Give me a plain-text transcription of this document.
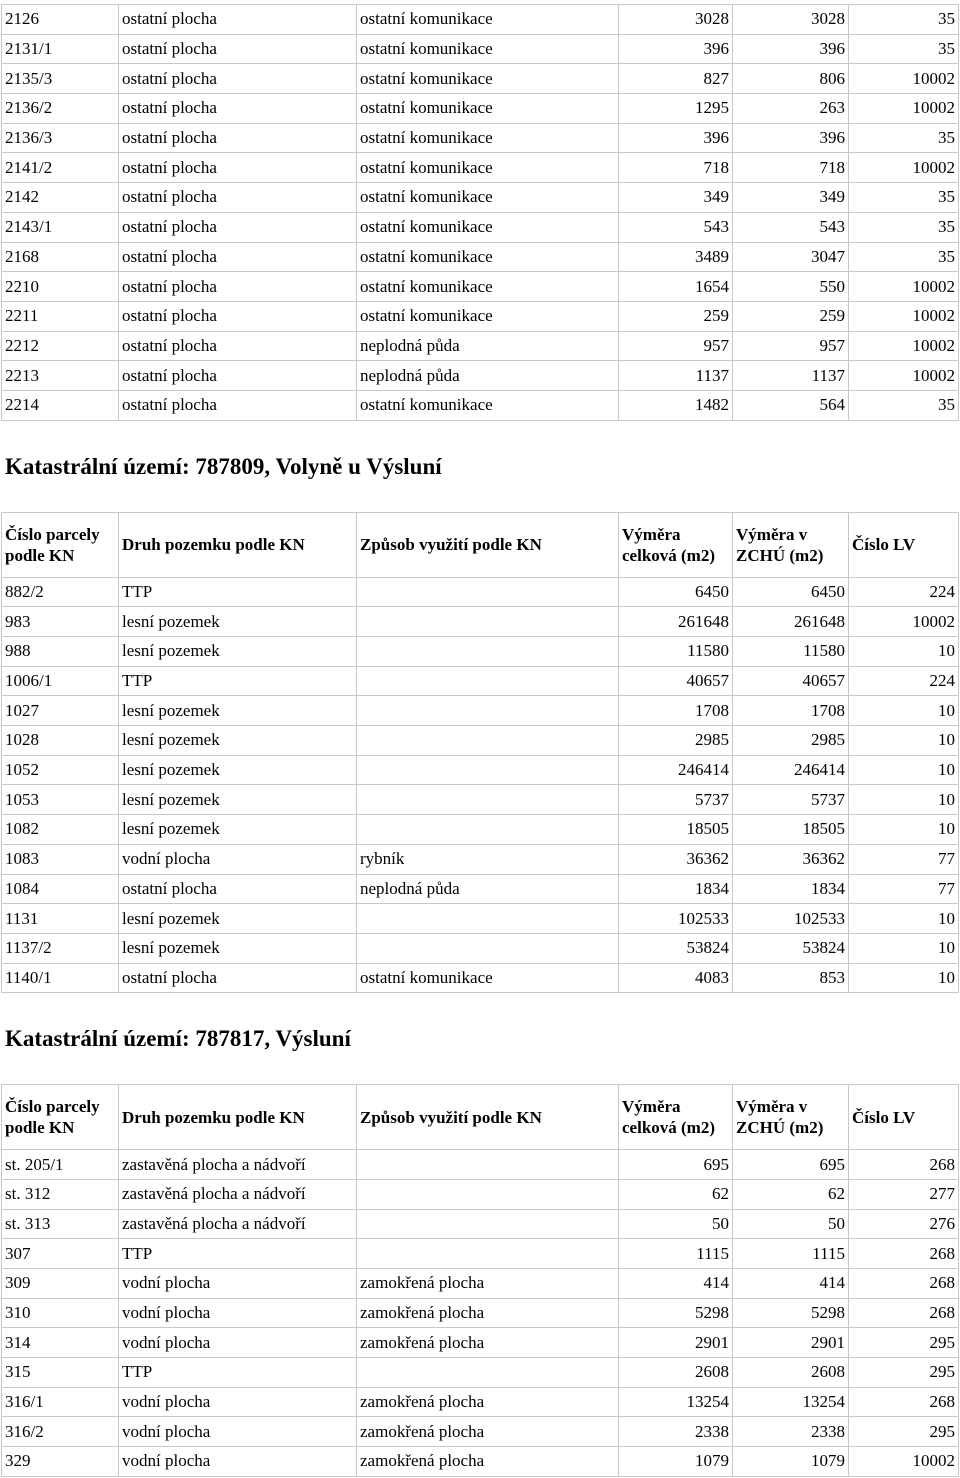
2126	ostatní plocha	ostatní komunikace	3028	3028	35
2131/1	ostatní plocha	ostatní komunikace	396	396	35
2135/3	ostatní plocha	ostatní komunikace	827	806	10002
2136/2	ostatní plocha	ostatní komunikace	1295	263	10002
2136/3	ostatní plocha	ostatní komunikace	396	396	35
2141/2	ostatní plocha	ostatní komunikace	718	718	10002
2142	ostatní plocha	ostatní komunikace	349	349	35
2143/1	ostatní plocha	ostatní komunikace	543	543	35
2168	ostatní plocha	ostatní komunikace	3489	3047	35
2210	ostatní plocha	ostatní komunikace	1654	550	10002
2211	ostatní plocha	ostatní komunikace	259	259	10002
2212	ostatní plocha	neplodná půda	957	957	10002
2213	ostatní plocha	neplodná půda	1137	1137	10002
2214	ostatní plocha	ostatní komunikace	1482	564	35
Katastrální území: 787809, Volyně u Výsluní
Číslo parcely podle KN	Druh pozemku podle KN	Způsob využití podle KN	Výměra celková (m2)	Výměra v ZCHÚ (m2)	Číslo LV
882/2	TTP		6450	6450	224
983	lesní pozemek		261648	261648	10002
988	lesní pozemek		11580	11580	10
1006/1	TTP		40657	40657	224
1027	lesní pozemek		1708	1708	10
1028	lesní pozemek		2985	2985	10
1052	lesní pozemek		246414	246414	10
1053	lesní pozemek		5737	5737	10
1082	lesní pozemek		18505	18505	10
1083	vodní plocha	rybník	36362	36362	77
1084	ostatní plocha	neplodná půda	1834	1834	77
1131	lesní pozemek		102533	102533	10
1137/2	lesní pozemek		53824	53824	10
1140/1	ostatní plocha	ostatní komunikace	4083	853	10
Katastrální území: 787817, Výsluní
Číslo parcely podle KN	Druh pozemku podle KN	Způsob využití podle KN	Výměra celková (m2)	Výměra v ZCHÚ (m2)	Číslo LV
st. 205/1	zastavěná plocha a nádvoří		695	695	268
st. 312	zastavěná plocha a nádvoří		62	62	277
st. 313	zastavěná plocha a nádvoří		50	50	276
307	TTP		1115	1115	268
309	vodní plocha	zamokřená plocha	414	414	268
310	vodní plocha	zamokřená plocha	5298	5298	268
314	vodní plocha	zamokřená plocha	2901	2901	295
315	TTP		2608	2608	295
316/1	vodní plocha	zamokřená plocha	13254	13254	268
316/2	vodní plocha	zamokřená plocha	2338	2338	295
329	vodní plocha	zamokřená plocha	1079	1079	10002
